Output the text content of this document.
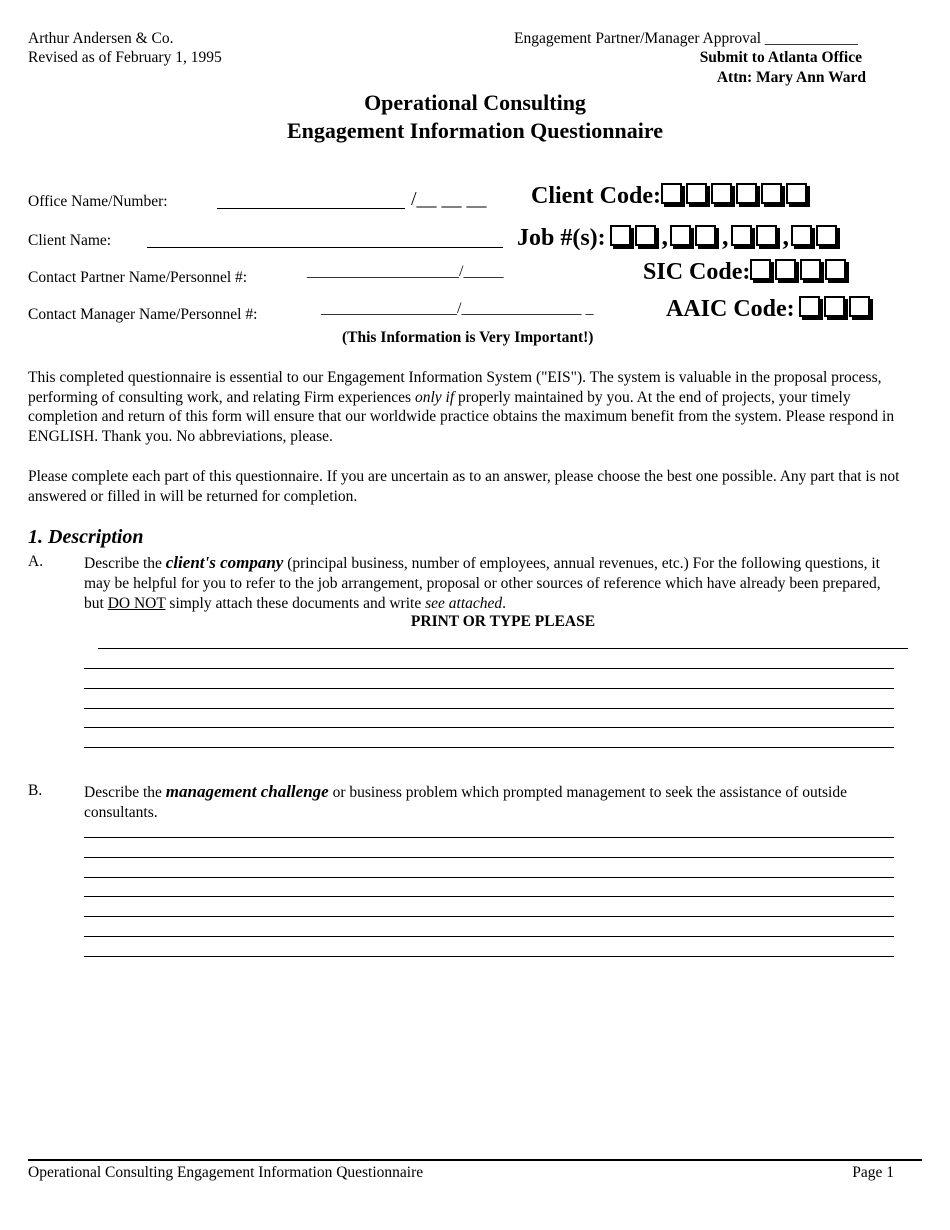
Arthur Andersen & Co.
Revised as of February 1, 1995
Engagement Partner/Manager Approval ____________
Submit to Atlanta Office
Attn: Mary Ann Ward
Operational Consulting
Engagement Information Questionnaire
Office Name/Number:	/__ __ __
Client Name:
Contact Partner Name/Personnel #:	___________________/_____
Contact Manager Name/Personnel #:	_________________/_______________ _
(This Information is Very Important!)
Client Code:
Job #(s): , , ,
SIC Code:
AAIC Code:
This completed questionnaire is essential to our Engagement Information System ("EIS"). The system is valuable in the proposal process, performing of consulting work, and relating Firm experiences only if properly maintained by you. At the end of projects, your timely completion and return of this form will ensure that our worldwide practice obtains the maximum benefit from the system. Please respond in ENGLISH. Thank you. No abbreviations, please.
Please complete each part of this questionnaire. If you are uncertain as to an answer, please choose the best one possible. Any part that is not answered or filled in will be returned for completion.
1. Description
A.	Describe the client's company (principal business, number of employees, annual revenues, etc.) For the following questions, it may be helpful for you to refer to the job arrangement, proposal or other sources of reference which have already been prepared, but DO NOT simply attach these documents and write see attached.
PRINT OR TYPE PLEASE
B.	Describe the management challenge or business problem which prompted management to seek the assistance of outside consultants.
Operational Consulting Engagement Information Questionnaire	Page 1
